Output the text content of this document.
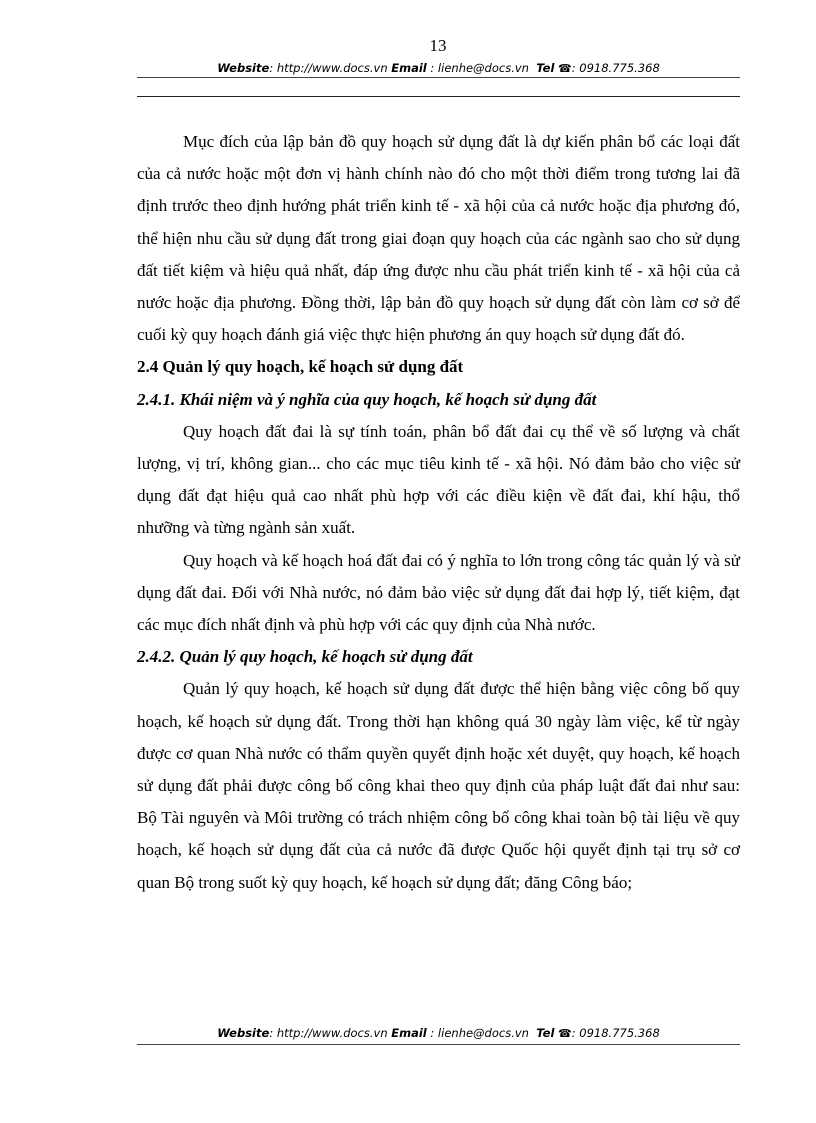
13
Website: http://www.docs.vn Email : lienhe@docs.vn Tel ☎: 0918.775.368

Mục đích của lập bản đồ quy hoạch sử dụng đất là dự kiến phân bổ các loại đất của cả nước hoặc một đơn vị hành chính nào đó cho một thời điểm trong tương lai đã định trước theo định hướng phát triển kinh tế - xã hội của cả nước hoặc địa phương đó, thể hiện nhu cầu sử dụng đất trong giai đoạn quy hoạch của các ngành sao cho sử dụng đất tiết kiệm và hiệu quả nhất, đáp ứng được nhu cầu phát triển kinh tế - xã hội của cả nước hoặc địa phương. Đồng thời, lập bản đồ quy hoạch sử dụng đất còn làm cơ sở để cuối kỳ quy hoạch đánh giá việc thực hiện phương án quy hoạch sử dụng đất đó.

2.4 Quản lý quy hoạch, kế hoạch sử dụng đất

2.4.1. Khái niệm và ý nghĩa của quy hoạch, kế hoạch sử dụng đất

Quy hoạch đất đai là sự tính toán, phân bổ đất đai cụ thể về số lượng và chất lượng, vị trí, không gian... cho các mục tiêu kinh tế - xã hội. Nó đảm bảo cho việc sử dụng đất đạt hiệu quả cao nhất phù hợp với các điều kiện về đất đai, khí hậu, thổ nhưỡng và từng ngành sản xuất.

Quy hoạch và kế hoạch hoá đất đai có ý nghĩa to lớn trong công tác quản lý và sử dụng đất đai. Đối với Nhà nước, nó đảm bảo việc sử dụng đất đai hợp lý, tiết kiệm, đạt các mục đích nhất định và phù hợp với các quy định của Nhà nước.

2.4.2. Quản lý quy hoạch, kế hoạch sử dụng đất

Quản lý quy hoạch, kế hoạch sử dụng đất được thể hiện bằng việc công bố quy hoạch, kế hoạch sử dụng đất. Trong thời hạn không quá 30 ngày làm việc, kể từ ngày được cơ quan Nhà nước có thẩm quyền quyết định hoặc xét duyệt, quy hoạch, kế hoạch sử dụng đất phải được công bố công khai theo quy định của pháp luật đất đai như sau: Bộ Tài nguyên và Môi trường có trách nhiệm công bố công khai toàn bộ tài liệu về quy hoạch, kế hoạch sử dụng đất của cả nước đã được Quốc hội quyết định tại trụ sở cơ quan Bộ trong suốt kỳ quy hoạch, kế hoạch sử dụng đất; đăng Công báo;

Website: http://www.docs.vn Email : lienhe@docs.vn Tel ☎: 0918.775.368
